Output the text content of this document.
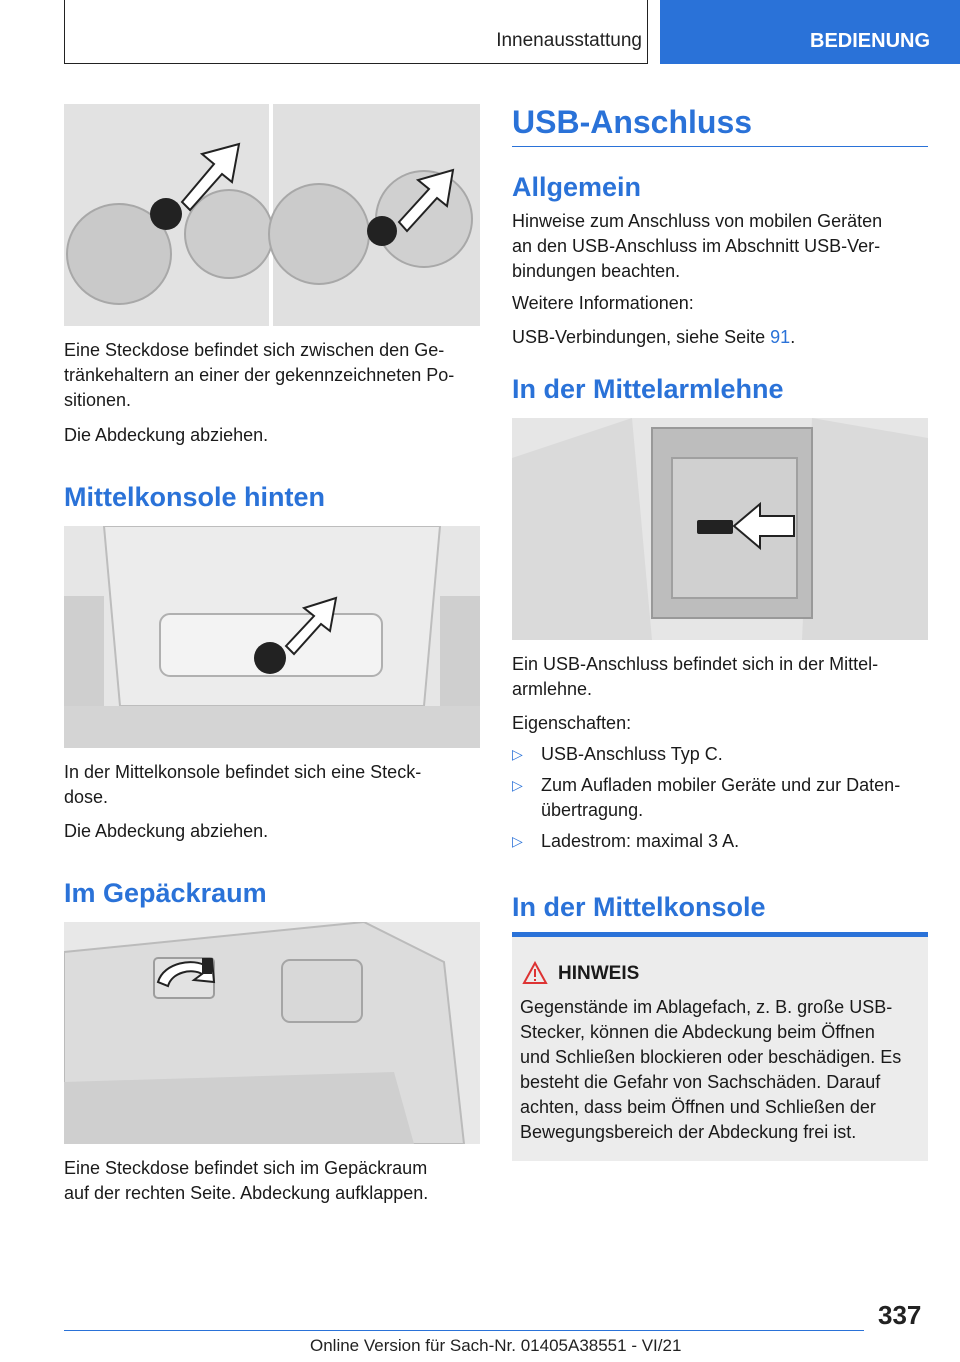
Innenausstattung	BEDIENUNG

Eine Steckdose befindet sich zwischen den Ge-
tränkehaltern an einer der gekennzeichneten Po-
sitionen.

Die Abdeckung abziehen.

Mittelkonsole hinten

In der Mittelkonsole befindet sich eine Steck-
dose.

Die Abdeckung abziehen.

Im Gepäckraum

Eine Steckdose befindet sich im Gepäckraum
auf der rechten Seite. Abdeckung aufklappen.

USB-Anschluss
Allgemein

Hinweise zum Anschluss von mobilen Geräten
an den USB-Anschluss im Abschnitt USB-Ver-
bindungen beachten.

Weitere Informationen:

USB-Verbindungen, siehe Seite 91.

In der Mittelarmlehne

Ein USB-Anschluss befindet sich in der Mittel-
armlehne.

Eigenschaften:

▷ USB-Anschluss Typ C.
▷ Zum Aufladen mobiler Geräte und zur Daten-
übertragung.
▷ Ladestrom: maximal 3 A.
In der Mittelkonsole
HINWEIS

Gegenstände im Ablagefach, z. B. große USB-
Stecker, können die Abdeckung beim Öffnen
und Schließen blockieren oder beschädigen. Es
besteht die Gefahr von Sachschäden. Darauf
achten, dass beim Öffnen und Schließen der
Bewegungsbereich der Abdeckung frei ist.

337
Online Version für Sach-Nr. 01405A38551 - VI/21
